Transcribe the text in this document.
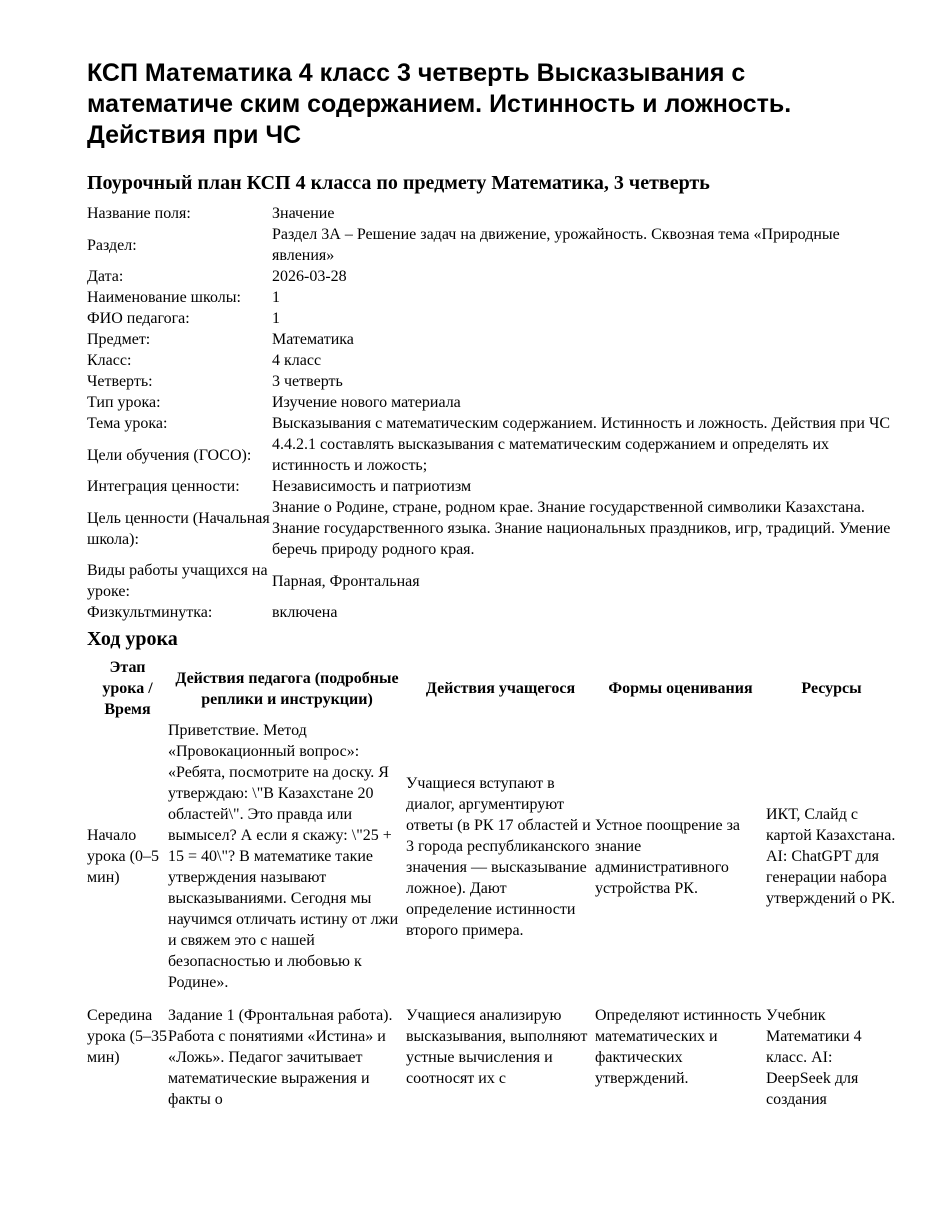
КСП Математика 4 класс 3 четверть Высказывания с математиче ским содержанием. Истинность и ложность. Действия при ЧС
Поурочный план КСП 4 класса по предмету Математика, 3 четверть
Название поля:	Значение
Раздел:	Раздел 3А – Решение задач на движение, урожайность. Сквозная тема «Природные явления»
Дата:	2026-03-28
Наименование школы:	1
ФИО педагога:	1
Предмет:	Математика
Класс:	4 класс
Четверть:	3 четверть
Тип урока:	Изучение нового материала
Тема урока:	Высказывания с математическим содержанием. Истинность и ложность. Действия при ЧС
Цели обучения (ГОСО):	4.4.2.1 составлять высказывания с математическим содержанием и определять их истинность и ложость;
Интеграция ценности:	Независимость и патриотизм
Цель ценности (Начальная школа):	Знание о Родине, стране, родном крае. Знание государственной символики Казахстана. Знание государственного языка. Знание национальных праздников, игр, традиций. Умение беречь природу родного края.
Виды работы учащихся на уроке:	Парная, Фронтальная
Физкультминутка:	включена
Ход урока
Этап урока / Время	Действия педагога (подробные реплики и инструкции)	Действия учащегося	Формы оценивания	Ресурсы
Начало урока (0–5 мин)	Приветствие. Метод «Провокационный вопрос»: «Ребята, посмотрите на доску. Я утверждаю: \"В Казахстане 20 областей\". Это правда или вымысел? А если я скажу: \"25 + 15 = 40\"? В математике такие утверждения называют высказываниями. Сегодня мы научимся отличать истину от лжи и свяжем это с нашей безопасностью и любовью к Родине».	Учащиеся вступают в диалог, аргументируют ответы (в РК 17 областей и 3 города республиканского значения — высказывание ложное). Дают определение истинности второго примера.	Устное поощрение за знание административного устройства РК.	ИКТ, Слайд с картой Казахстана. AI: ChatGPT для генерации набора утверждений о РК.
Середина урока (5–35 мин)	Задание 1 (Фронтальная работа). Работа с понятиями «Истина» и «Ложь». Педагог зачитывает математические выражения и факты о	Учащиеся анализирую высказывания, выполняют устные вычисления и соотносят их с	Определяют истинность математических и фактических утверждений.	Учебник Математики 4 класс. AI: DeepSeek для создания
